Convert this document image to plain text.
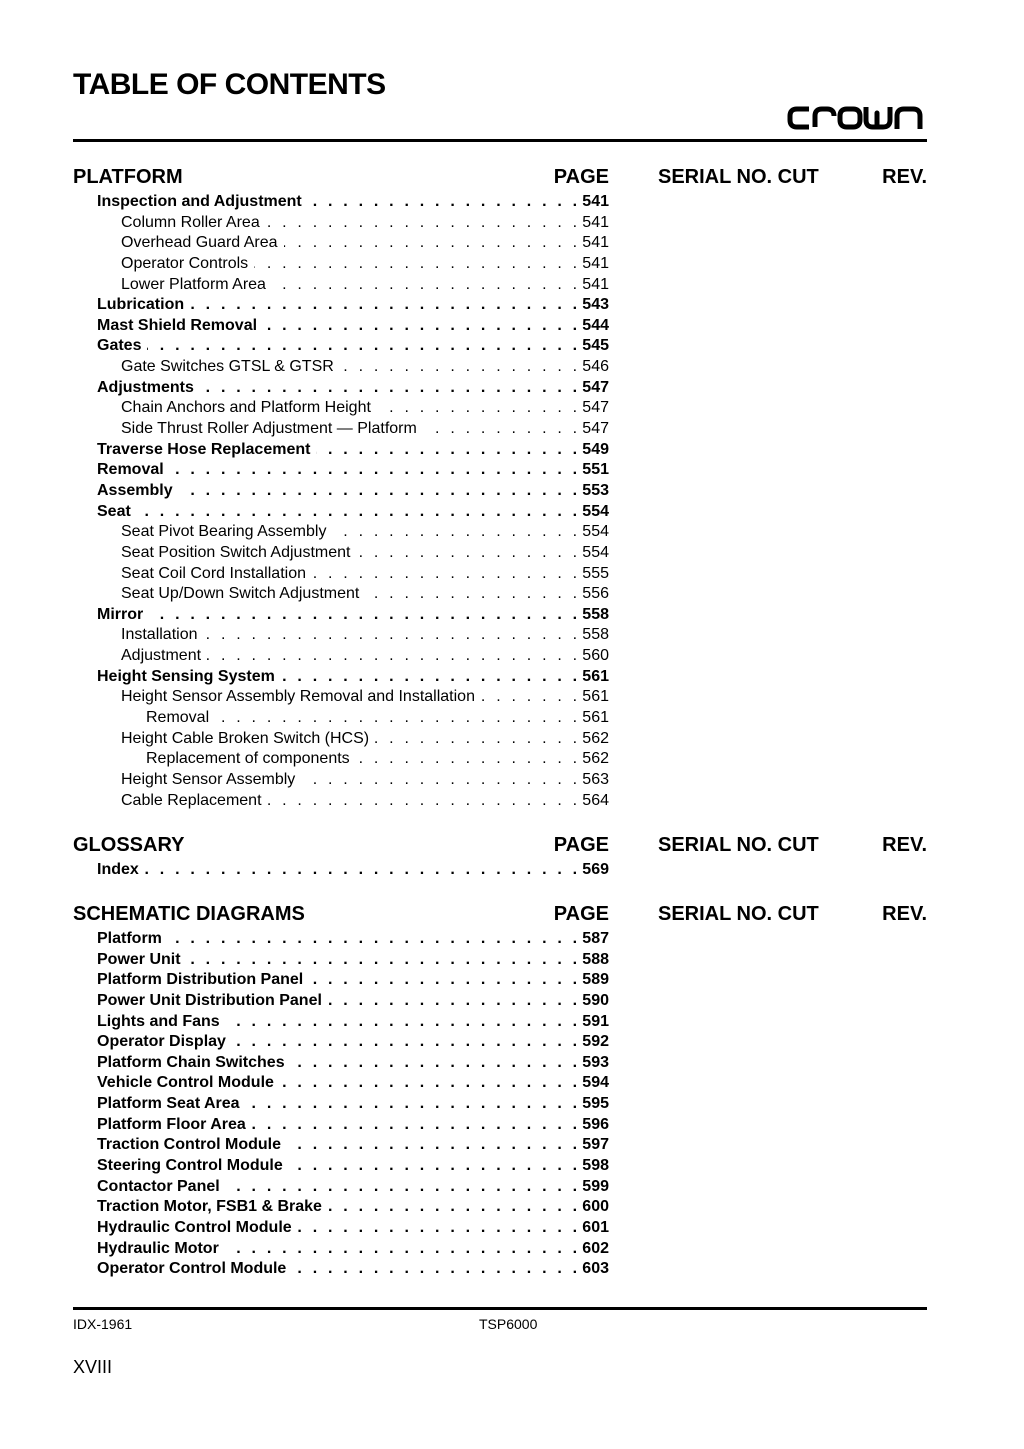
TABLE OF CONTENTS
PLATFORM	PAGE SERIAL NO. CUT	REV.
Inspection and Adjustment . . .	541
Column Roller Area . . .	541
Overhead Guard Area . . .	541
Operator Controls . . .	541
Lower Platform Area . . .	541
Lubrication . . .	543
Mast Shield Removal . . .	544
Gates . . .	545
Gate Switches GTSL & GTSR . . .	546
Adjustments . . .	547
Chain Anchors and Platform Height . . .	547
Side Thrust Roller Adjustment — Platform . . .	547
Traverse Hose Replacement . . .	549
Removal . . .	551
Assembly . . .	553
Seat . . .	554
Seat Pivot Bearing Assembly . . .	554
Seat Position Switch Adjustment . . .	554
Seat Coil Cord Installation . . .	555
Seat Up/Down Switch Adjustment . . .	556
Mirror . . .	558
Installation . . .	558
Adjustment . . .	560
Height Sensing System . . .	561
Height Sensor Assembly Removal and Installation . . .	561
Removal . . .	561
Height Cable Broken Switch (HCS) . . .	562
Replacement of components . . .	562
Height Sensor Assembly . . .	563
Cable Replacement . . .	564
GLOSSARY	PAGE SERIAL NO. CUT	REV.
Index . . .	569
SCHEMATIC DIAGRAMS	PAGE SERIAL NO. CUT	REV.
Platform . . .	587
Power Unit . . .	588
Platform Distribution Panel . . .	589
Power Unit Distribution Panel . . .	590
Lights and Fans . . .	591
Operator Display . . .	592
Platform Chain Switches . . .	593
Vehicle Control Module . . .	594
Platform Seat Area . . .	595
Platform Floor Area . . .	596
Traction Control Module . . .	597
Steering Control Module . . .	598
Contactor Panel . . .	599
Traction Motor, FSB1 & Brake . . .	600
Hydraulic Control Module . . .	601
Hydraulic Motor . . .	602
Operator Control Module . . .	603
IDX-1961	TSP6000
XVIII
